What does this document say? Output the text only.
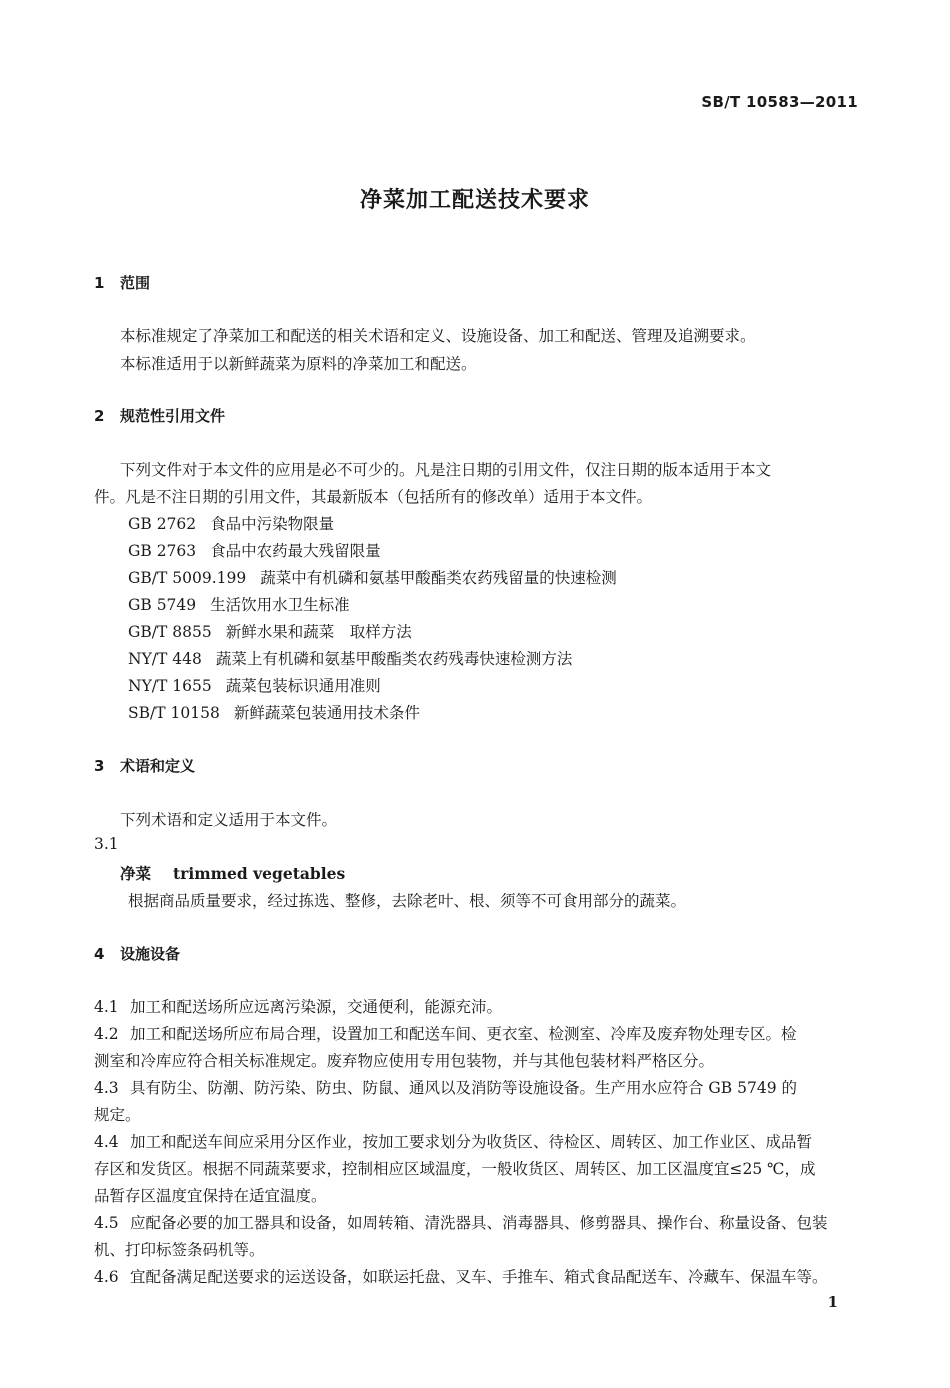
SB/T 10583—2011
净菜加工配送技术要求
1 范围
本标准规定了净菜加工和配送的相关术语和定义、设施设备、加工和配送、管理及追溯要求。
本标准适用于以新鲜蔬菜为原料的净菜加工和配送。
2 规范性引用文件
下列文件对于本文件的应用是必不可少的。凡是注日期的引用文件，仅注日期的版本适用于本文
件。凡是不注日期的引用文件，其最新版本（包括所有的修改单）适用于本文件。
GB 2762 食品中污染物限量
GB 2763 食品中农药最大残留限量
GB/T 5009.199 蔬菜中有机磷和氨基甲酸酯类农药残留量的快速检测
GB 5749 生活饮用水卫生标准
GB/T 8855 新鲜水果和蔬菜　取样方法
NY/T 448 蔬菜上有机磷和氨基甲酸酯类农药残毒快速检测方法
NY/T 1655 蔬菜包装标识通用准则
SB/T 10158 新鲜蔬菜包装通用技术条件
3 术语和定义
下列术语和定义适用于本文件。
3.1
净菜 trimmed vegetables
根据商品质量要求，经过拣选、整修，去除老叶、根、须等不可食用部分的蔬菜。
4 设施设备
4.1 加工和配送场所应远离污染源，交通便利，能源充沛。
4.2 加工和配送场所应布局合理，设置加工和配送车间、更衣室、检测室、冷库及废弃物处理专区。检
测室和冷库应符合相关标准规定。废弃物应使用专用包装物，并与其他包装材料严格区分。
4.3 具有防尘、防潮、防污染、防虫、防鼠、通风以及消防等设施设备。生产用水应符合 GB 5749 的
规定。
4.4 加工和配送车间应采用分区作业，按加工要求划分为收货区、待检区、周转区、加工作业区、成品暂
存区和发货区。根据不同蔬菜要求，控制相应区域温度，一般收货区、周转区、加工区温度宜≤25 ℃，成
品暂存区温度宜保持在适宜温度。
4.5 应配备必要的加工器具和设备，如周转箱、清洗器具、消毒器具、修剪器具、操作台、称量设备、包装
机、打印标签条码机等。
4.6 宜配备满足配送要求的运送设备，如联运托盘、叉车、手推车、箱式食品配送车、冷藏车、保温车等。
1
